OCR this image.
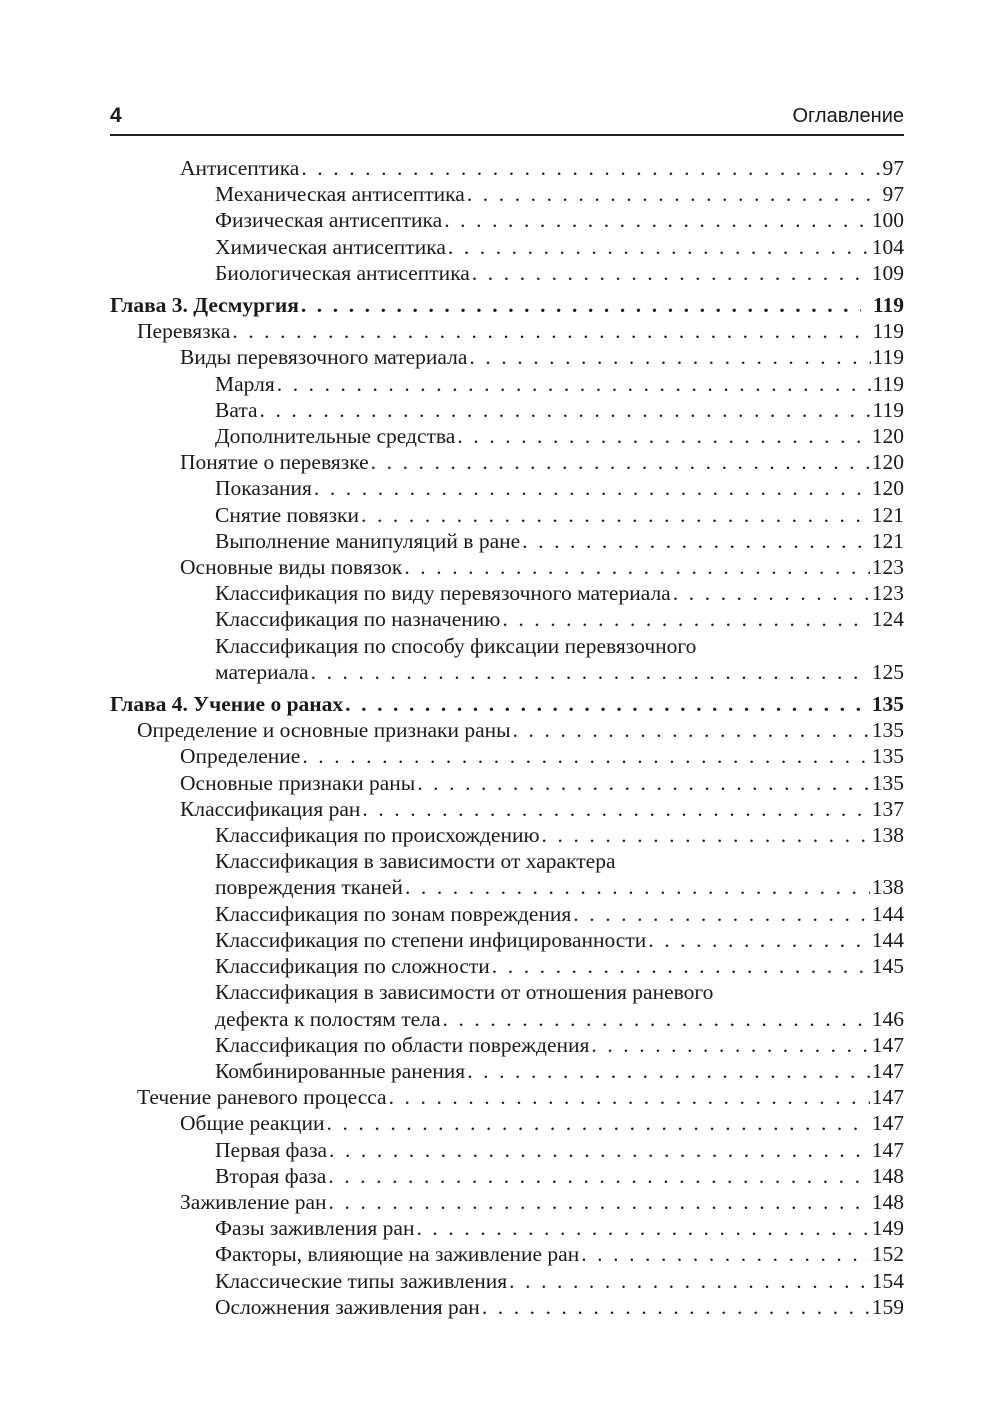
4	Оглавление
Антисептика . . .	97
Механическая антисептика . . .	97
Физическая антисептика . . .	100
Химическая антисептика . . .	104
Биологическая антисептика . . .	109
Глава 3. Десмургия . . .	119
Перевязка . . .	119
Виды перевязочного материала . . .	119
Марля . . .	119
Вата . . .	119
Дополнительные средства . . .	120
Понятие о перевязке . . .	120
Показания . . .	120
Снятие повязки . . .	121
Выполнение манипуляций в ране . . .	121
Основные виды повязок . . .	123
Классификация по виду перевязочного материала . . .	123
Классификация по назначению . . .	124
Классификация по способу фиксации перевязочного
материала . . .	125
Глава 4. Учение о ранах . . .	135
Определение и основные признаки раны . . .	135
Определение . . .	135
Основные признаки раны . . .	135
Классификация ран . . .	137
Классификация по происхождению . . .	138
Классификация в зависимости от характера
повреждения тканей . . .	138
Классификация по зонам повреждения . . .	144
Классификация по степени инфицированности . . .	144
Классификация по сложности . . .	145
Классификация в зависимости от отношения раневого
дефекта к полостям тела . . .	146
Классификация по области повреждения . . .	147
Комбинированные ранения . . .	147
Течение раневого процесса . . .	147
Общие реакции . . .	147
Первая фаза . . .	147
Вторая фаза . . .	148
Заживление ран . . .	148
Фазы заживления ран . . .	149
Факторы, влияющие на заживление ран . . .	152
Классические типы заживления . . .	154
Осложнения заживления ран . . .	159
